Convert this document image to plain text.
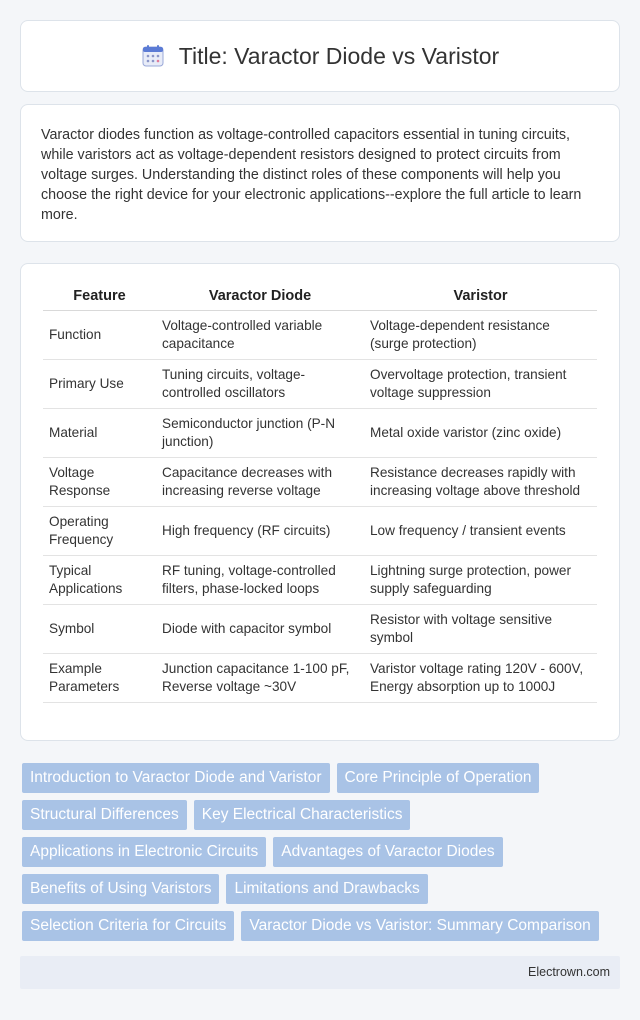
Title: Varactor Diode vs Varistor

Varactor diodes function as voltage-controlled capacitors essential in tuning circuits, while varistors act as voltage-dependent resistors designed to protect circuits from voltage surges. Understanding the distinct roles of these components will help you choose the right device for your electronic applications--explore the full article to learn more.

Feature	Varactor Diode	Varistor
Function	Voltage-controlled variable capacitance	Voltage-dependent resistance (surge protection)
Primary Use	Tuning circuits, voltage-controlled oscillators	Overvoltage protection, transient voltage suppression
Material	Semiconductor junction (P-N junction)	Metal oxide varistor (zinc oxide)
Voltage Response	Capacitance decreases with increasing reverse voltage	Resistance decreases rapidly with increasing voltage above threshold
Operating Frequency	High frequency (RF circuits)	Low frequency / transient events
Typical Applications	RF tuning, voltage-controlled filters, phase-locked loops	Lightning surge protection, power supply safeguarding
Symbol	Diode with capacitor symbol	Resistor with voltage sensitive symbol
Example Parameters	Junction capacitance 1-100 pF, Reverse voltage ~30V	Varistor voltage rating 120V - 600V, Energy absorption up to 1000J
Introduction to Varactor Diode and Varistor	Core Principle of Operation
Structural Differences	Key Electrical Characteristics
Applications in Electronic Circuits	Advantages of Varactor Diodes
Benefits of Using Varistors	Limitations and Drawbacks
Selection Criteria for Circuits	Varactor Diode vs Varistor: Summary Comparison
Electrown.com
